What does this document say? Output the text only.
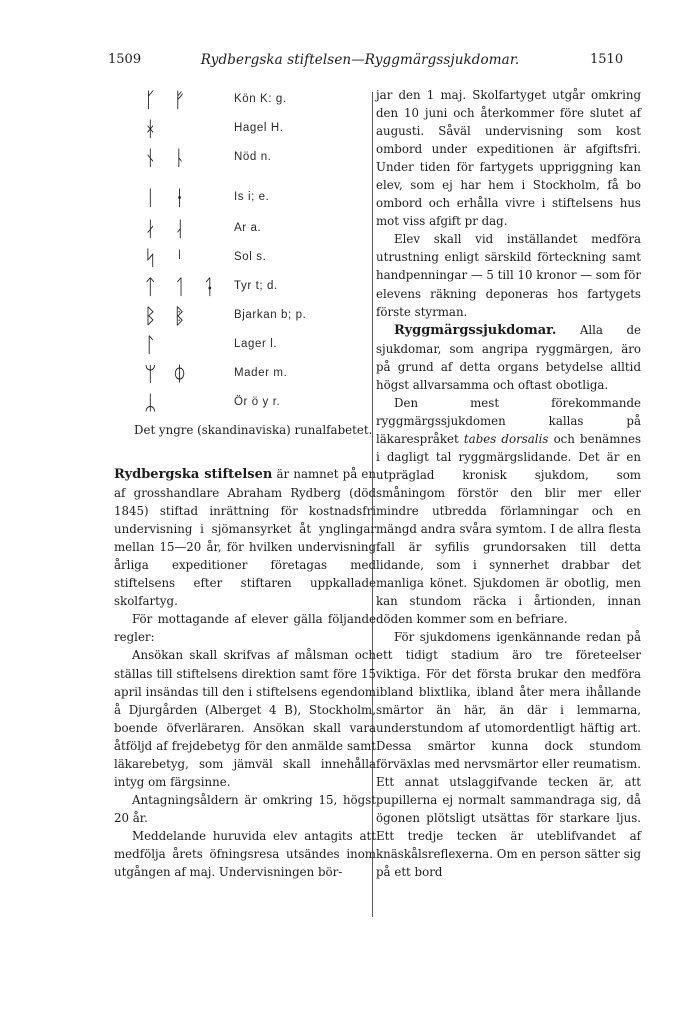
1509	Rydbergska stiftelsen—Ryggmärgssjukdomar.	1510
ᚴ ᚠ	Kön K: g.
ᚼ	Hagel H.
ᚾ ᚿ	Nöd n.
ᛁ ᛂ	Is i; e.
ᛅ ᛆ	Ar a.
ᛋ ᛌ	Sol s.
ᛏ ᛐ ᛑ	Tyr t; d.
ᛒ ᛔ	Bjarkan b; p.
ᛚ	Lager l.
ᛘ ᛰ	Mader m.
ᛦ	Ör ö y r.
Det yngre (skandinaviska) runalfabetet.

Rydbergska stiftelsen är namnet på en af grosshandlare Abraham Rydberg (död 1845) stiftad inrättning för kostnadsfri undervisning i sjömansyrket åt ynglingar mellan 15—20 år, för hvilken undervisning årliga expeditioner företagas med stiftelsens efter stiftaren uppkallade skolfartyg.

För mottagande af elever gälla följande regler:

Ansökan skall skrifvas af målsman och ställas till stiftelsens direktion samt före 15 april insändas till den i stiftelsens egendom å Djurgården (Alberget 4 B), Stockholm, boende öfverläraren. Ansökan skall vara åtföljd af frejdebetyg för den anmälde samt läkarebetyg, som jämväl skall innehålla intyg om färgsinne.

Antagningsåldern är omkring 15, högst 20 år.

Meddelande huruvida elev antagits att medfölja årets öfningsresa utsändes inom utgången af maj. Undervisningen bör-

jar den 1 maj. Skolfartyget utgår omkring den 10 juni och återkommer före slutet af augusti. Såväl undervisning som kost ombord under expeditionen är afgiftsfri. Under tiden för fartygets uppriggning kan elev, som ej har hem i Stockholm, få bo ombord och erhålla vivre i stiftelsens hus mot viss afgift pr dag.

Elev skall vid inställandet medföra utrustning enligt särskild förteckning samt handpenningar — 5 till 10 kronor — som för elevens räkning deponeras hos fartygets förste styrman.

Ryggmärgssjukdomar. Alla de sjukdomar, som angripa ryggmärgen, äro på grund af detta organs betydelse alltid högst allvarsamma och oftast obotliga.

Den mest förekommande ryggmärgssjukdomen kallas på läkarespråket tabes dorsalis och benämnes i dagligt tal ryggmärgslidande. Det är en utpräglad kronisk sjukdom, som småningom förstör den blir mer eller mindre utbredda förlamningar och en mängd andra svåra symtom. I de allra flesta fall är syfilis grundorsaken till detta lidande, som i synnerhet drabbar det manliga könet. Sjukdomen är obotlig, men kan stundom räcka i årtionden, innan döden kommer som en befriare.

För sjukdomens igenkännande redan på ett tidigt stadium äro tre företeelser viktiga. För det första brukar den medföra ibland blixtlika, ibland åter mera ihållande smärtor än här, än där i lemmarna, understundom af utomordentligt häftig art. Dessa smärtor kunna dock stundom förväxlas med nervsmärtor eller reumatism. Ett annat utslaggifvande tecken är, att pupillerna ej normalt sammandraga sig, då ögonen plötsligt utsättas för starkare ljus. Ett tredje tecken är uteblifvandet af knäskålsreflexerna. Om en person sätter sig på ett bord
